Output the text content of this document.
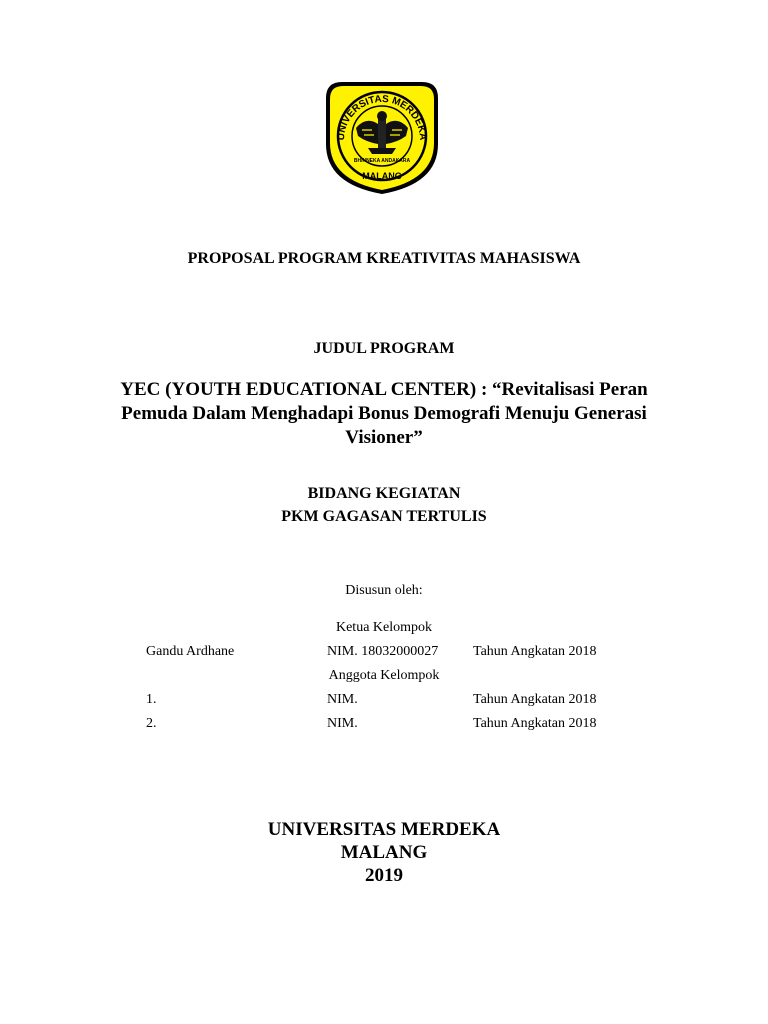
UNIVERSITAS MERDEKA
BHINNEKA ANDAKARA
MALANG
PROPOSAL PROGRAM KREATIVITAS MAHASISWA
JUDUL PROGRAM
YEC (YOUTH EDUCATIONAL CENTER) : “Revitalisasi Peran
Pemuda Dalam Menghadapi Bonus Demografi Menuju Generasi
Visioner”
BIDANG KEGIATAN
PKM GAGASAN TERTULIS
Disusun oleh:
Ketua Kelompok
Gandu Ardhane	NIM. 18032000027 Tahun Angkatan 2018
Anggota Kelompok
1.	NIM.	Tahun Angkatan 2018
2.	NIM.	Tahun Angkatan 2018
UNIVERSITAS MERDEKA
MALANG
2019
